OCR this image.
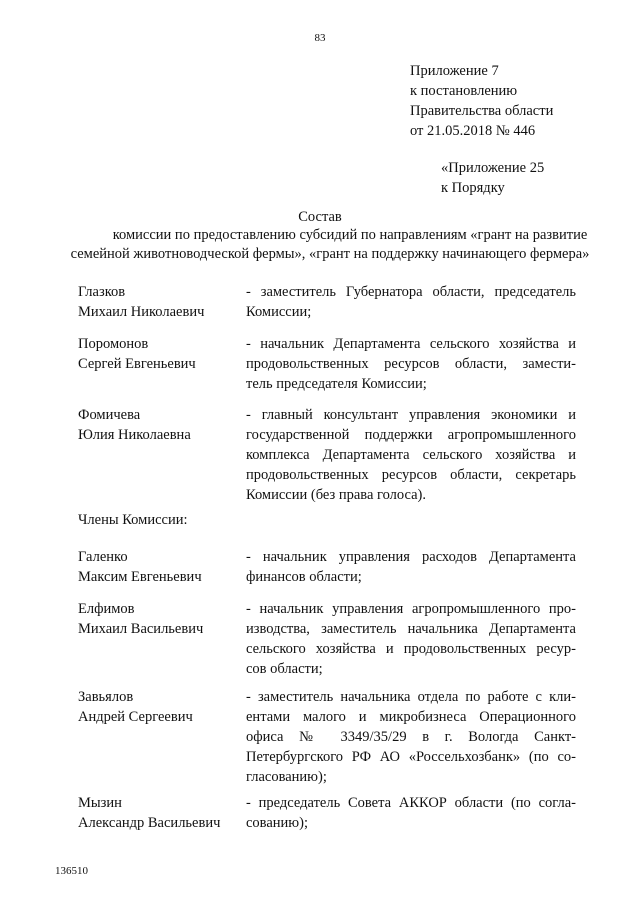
83
Приложение 7
к постановлению
Правительства области
от 21.05.2018 № 446
«Приложение 25
к Порядку
Состав
комиссии по предоставлению субсидий по направлениям «грант на развитие
семейной животноводческой фермы», «грант на поддержку начинающего фермера»
Глазков
Михаил Николаевич
- заместитель Губернатора области, председатель
Комиссии;
Поромонов
Сергей Евгеньевич
- начальник Департамента сельского хозяйства и
продовольственных ресурсов области, замести-
тель председателя Комиссии;
Фомичева
Юлия Николаевна
- главный консультант управления экономики и
государственной поддержки агропромышленного
комплекса Департамента сельского хозяйства и
продовольственных ресурсов области, секретарь
Комиссии (без права голоса).
Члены Комиссии:
Галенко
Максим Евгеньевич
- начальник управления расходов Департамента
финансов области;
Елфимов
Михаил Васильевич
- начальник управления агропромышленного про-
изводства, заместитель начальника Департамента
сельского хозяйства и продовольственных ресур-
сов области;
Завьялов
Андрей Сергеевич
- заместитель начальника отдела по работе с кли-
ентами малого и микробизнеса Операционного
офиса № 3349/35/29 в г. Вологда Санкт-
Петербургского РФ АО «Россельхозбанк» (по со-
гласованию);
Мызин
Александр Васильевич
- председатель Совета АККОР области (по согла-
сованию);
136510
